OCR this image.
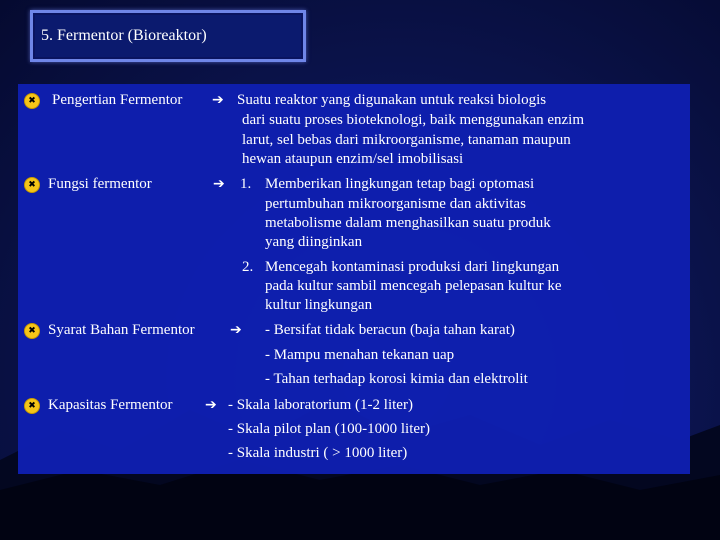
5. Fermentor (Bioreaktor)
✖
Pengertian Fermentor ➔ Suatu reaktor yang digunakan untuk reaksi biologis
dari suatu proses bioteknologi, baik menggunakan enzim
larut, sel bebas dari mikroorganisme, tanaman maupun
hewan ataupun enzim/sel imobilisasi
✖
Fungsi fermentor	➔ 1. Memberikan lingkungan tetap bagi optomasi
pertumbuhan mikroorganisme dan aktivitas
metabolisme dalam menghasilkan suatu produk
yang diinginkan
2. Mencegah kontaminasi produksi dari lingkungan
pada kultur sambil mencegah pelepasan kultur ke
kultur lingkungan
✖
Syarat Bahan Fermentor	➔ - Bersifat tidak beracun (baja tahan karat)
- Mampu menahan tekanan uap
- Tahan terhadap korosi kimia dan elektrolit
✖
Kapasitas Fermentor ➔ - Skala laboratorium (1-2 liter)
- Skala pilot plan (100-1000 liter)
- Skala industri ( > 1000 liter)
